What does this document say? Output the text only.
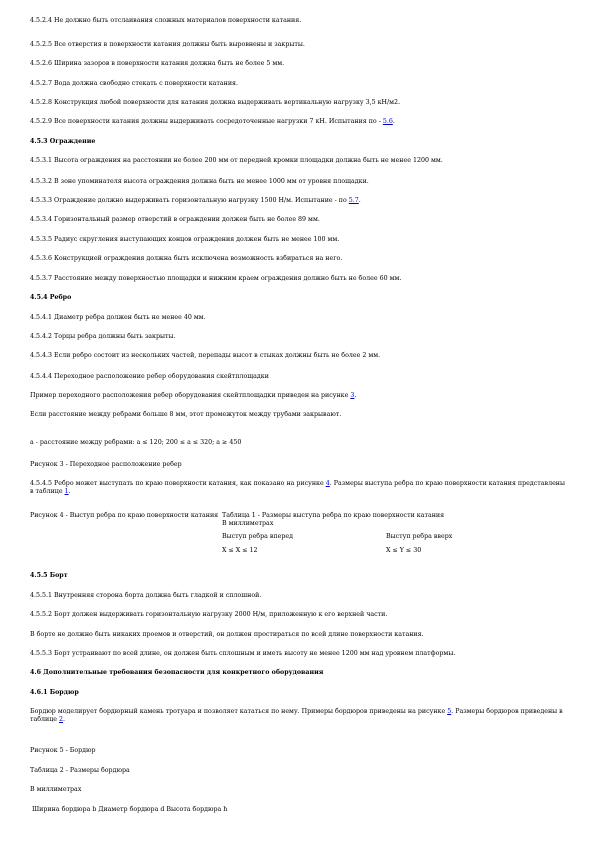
4.5.2.4 Не должно быть отслаивания сложных материалов поверхности катания.
4.5.2.5 Все отверстия в поверхности катания должны быть выровнены и закрыты.
4.5.2.6 Ширина зазоров в поверхности катания должна быть не более 5 мм.
4.5.2.7 Вода должна свободно стекать с поверхности катания.
4.5.2.8 Конструкция любой поверхности для катания должна выдерживать вертикальную нагрузку 3,5 кН/м2.
4.5.2.9 Все поверхности катания должны выдерживать сосредоточенные нагрузки 7 кН. Испытания по - 5.6.
4.5.3 Ограждение
4.5.3.1 Высота ограждения на расстоянии не более 200 мм от передней кромки площадки должна быть не менее 1200 мм.
4.5.3.2 В зоне упоминателя высота ограждения должна быть не менее 1000 мм от уровня площадки.
4.5.3.3 Ограждение должно выдерживать горизонтальную нагрузку 1500 Н/м. Испытание - по 5.7.
4.5.3.4 Горизонтальный размер отверстий в ограждении должен быть не более 89 мм.
4.5.3.5 Радиус скругления выступающих концов ограждения должен быть не менее 100 мм.
4.5.3.6 Конструкцией ограждения должна быть исключена возможность взбираться на него.
4.5.3.7 Расстояние между поверхностью площадки и нижним краем ограждения должно быть не более 60 мм.
4.5.4 Ребро
4.5.4.1 Диаметр ребра должен быть не менее 40 мм.
4.5.4.2 Торцы ребра должны быть закрыты.
4.5.4.3 Если ребро состоит из нескольких частей, перепады высот в стыках должны быть не более 2 мм.
4.5.4.4 Переходное расположение ребер оборудования скейтплощадки
Пример переходного расположения ребер оборудования скейтплощадки приведен на рисунке 3.
Если расстояние между ребрами больше 8 мм, этот промежуток между трубами закрывают.
a - расстояние между ребрами: a ≤ 120; 200 ≤ a ≤ 320; a ≥ 450
Рисунок 3 - Переходное расположение ребер
4.5.4.5 Ребро может выступать по краю поверхности катания, как показано на рисунке 4. Размеры выступа ребра по краю поверхности катания представлены в таблице 1.
Рисунок 4 - Выступ ребра по краю поверхности катания Таблица 1 - Размеры выступа ребра по краю поверхности катания
В миллиметрах
Выступ ребра вперед	Выступ ребра вверх
X ≤ X ≤ 12	X ≤ Y ≤ 30
4.5.5 Борт
4.5.5.1 Внутренняя сторона борта должна быть гладкой и сплошной.
4.5.5.2 Борт должен выдерживать горизонтальную нагрузку 2000 Н/м, приложенную к его верхней части.
В борте не должно быть никаких проемов и отверстий, он должен простираться по всей длине поверхности катания.
4.5.5.3 Борт устраивают по всей длине, он должен быть сплошным и иметь высоту не менее 1200 мм над уровнем платформы.
4.6 Дополнительные требования безопасности для конкретного оборудования
4.6.1 Бордюр
Бордюр моделирует бордюрный камень тротуара и позволяет кататься по нему. Примеры бордюров приведены на рисунке 5. Размеры бордюров приведены в таблице 2.
Рисунок 5 - Бордюр
Таблица 2 - Размеры бордюра
В миллиметрах
Ширина бордюра b Диаметр бордюра d Высота бордюра h
